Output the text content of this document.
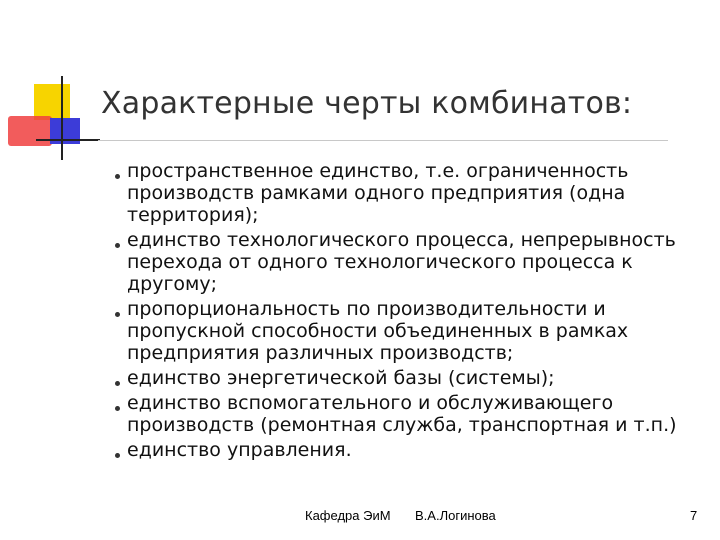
Характерные черты комбинатов:
пространственное единство, т.е. ограниченность производств рамками одного предприятия (одна территория);
единство технологического процесса, непрерывность перехода от одного технологического процесса к другому;
пропорциональность по производительности и пропускной способности объединенных в рамках предприятия различных производств;
единство энергетической базы (системы);
единство вспомогательного и обслуживающего производств (ремонтная служба, транспортная и т.п.)
единство управления.
Кафедра ЭиМ В.А.Логинова	7
